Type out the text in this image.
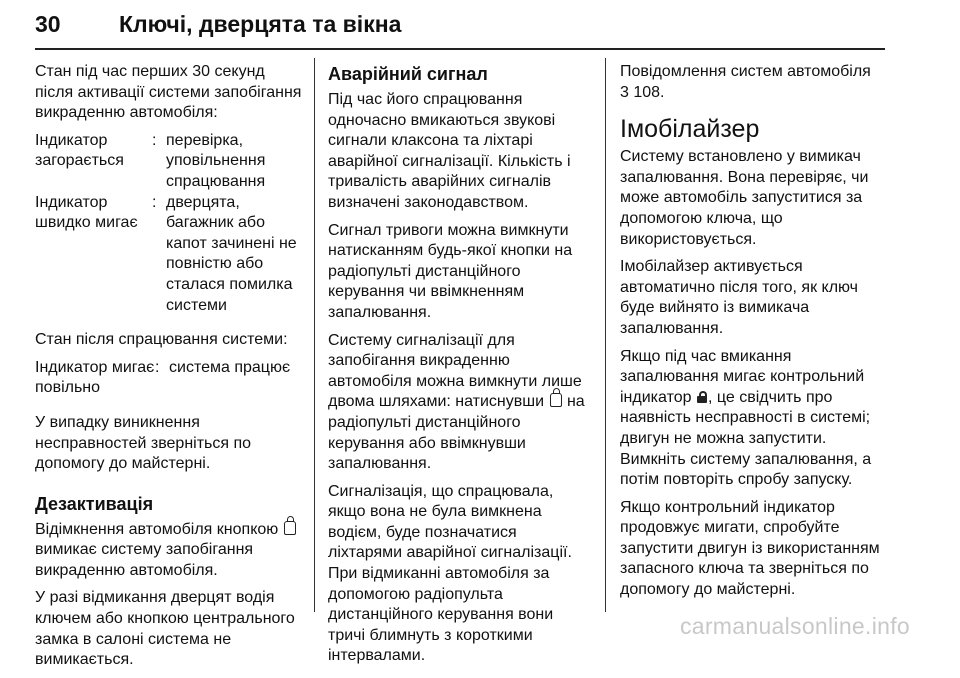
30	Ключі, дверцята та вікна

Стан під час перших 30 секунд після активації системи запобігання викраденню автомобіля:

Індикатор загорається
: перевірка, уповільнення спрацювання
Індикатор швидко мигає
: дверцята, багажник або капот зачинені не повністю або сталася помилка системи

Стан після спрацювання системи:

Індикатор мигає повільно
: система працює

У випадку виникнення несправностей зверніться по допомогу до майстерні.

Дезактивація

Відімкнення автомобіля кнопкою  вимикає систему запобігання викраденню автомобіля.

У разі відмикання дверцят водія ключем або кнопкою центрального замка в салоні система не вимикається.

Аварійний сигнал

Під час його спрацювання одночасно вмикаються звукові сигнали клаксона та ліхтарі аварійної сигналізації. Кількість і тривалість аварійних сигналів визначені законодавством.

Сигнал тривоги можна вимкнути натисканням будь-якої кнопки на радіопульті дистанційного керування чи ввімкненням запалювання.

Систему сигналізації для запобігання викраденню автомобіля можна вимкнути лише двома шляхами: натиснувши на радіопульті дистанційного керування або ввімкнувши запалювання.

Сигналізація, що спрацювала, якщо вона не була вимкнена водієм, буде позначатися ліхтарями аварійної сигналізації. При відмиканні автомобіля за допомогою радіопульта дистанційного керування вони тричі блимнуть з короткими інтервалами.

Повідомлення систем автомобіля
3 108.

Імобілайзер

Систему встановлено у вимикач запалювання. Вона перевіряє, чи може автомобіль запуститися за допомогою ключа, що використовується.

Імобілайзер активується автоматично після того, як ключ буде вийнято із вимикача запалювання.

Якщо під час вмикання запалювання мигає контрольний індикатор , це свідчить про наявність несправності в системі; двигун не можна запустити. Вимкніть систему запалювання, а потім повторіть спробу запуску.

Якщо контрольний індикатор продовжує мигати, спробуйте запустити двигун із використанням запасного ключа та зверніться по допомогу до майстерні.

carmanualsonline.info
